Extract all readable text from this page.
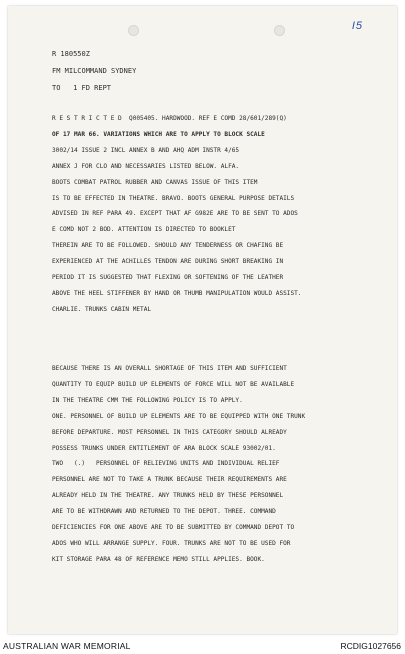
I5
R 180550Z
FM MILCOMMAND SYDNEY
TO   1 FD REPT
R E S T R I C T E D  Q005405. HARDWOOD. REF E COMD 28/601/289(Q)
OF 17 MAR 66. VARIATIONS WHICH ARE TO APPLY TO BLOCK SCALE
3002/14 ISSUE 2 INCL ANNEX B AND AHQ ADM INSTR 4/65
ANNEX J FOR CLO AND NECESSARIES LISTED BELOW. ALFA.
BOOTS COMBAT PATROL RUBBER AND CANVAS ISSUE OF THIS ITEM
IS TO BE EFFECTED IN THEATRE. BRAVO. BOOTS GENERAL PURPOSE DETAILS
ADVISED IN REF PARA 49. EXCEPT THAT AF G982E ARE TO BE SENT TO ADOS
E COMD NOT 2 BOD. ATTENTION IS DIRECTED TO BOOKLET
THEREIN ARE TO BE FOLLOWED. SHOULD ANY TENDERNESS OR CHAFING BE
EXPERIENCED AT THE ACHILLES TENDON ARE DURING SHORT BREAKING IN
PERIOD IT IS SUGGESTED THAT FLEXING OR SOFTENING OF THE LEATHER
ABOVE THE HEEL STIFFENER BY HAND OR THUMB MANIPULATION WOULD ASSIST.
CHARLIE. TRUNKS CABIN METAL
BECAUSE THERE IS AN OVERALL SHORTAGE OF THIS ITEM AND SUFFICIENT
QUANTITY TO EQUIP BUILD UP ELEMENTS OF FORCE WILL NOT BE AVAILABLE
IN THE THEATRE CMM THE FOLLOWING POLICY IS TO APPLY.
ONE. PERSONNEL OF BUILD UP ELEMENTS ARE TO BE EQUIPPED WITH ONE TRUNK
BEFORE DEPARTURE. MOST PERSONNEL IN THIS CATEGORY SHOULD ALREADY
POSSESS TRUNKS UNDER ENTITLEMENT OF ARA BLOCK SCALE 93002/01.
TWO   (.)   PERSONNEL OF RELIEVING UNITS AND INDIVIDUAL RELIEF
PERSONNEL ARE NOT TO TAKE A TRUNK BECAUSE THEIR REQUIREMENTS ARE
ALREADY HELD IN THE THEATRE. ANY TRUNKS HELD BY THESE PERSONNEL
ARE TO BE WITHDRAWN AND RETURNED TO THE DEPOT. THREE. COMMAND
DEFICIENCIES FOR ONE ABOVE ARE TO BE SUBMITTED BY COMMAND DEPOT TO
ADOS WHO WILL ARRANGE SUPPLY. FOUR. TRUNKS ARE NOT TO BE USED FOR
KIT STORAGE PARA 48 OF REFERENCE MEMO STILL APPLIES. BOOK.
AUSTRALIAN WAR MEMORIAL	RCDIG1027656
